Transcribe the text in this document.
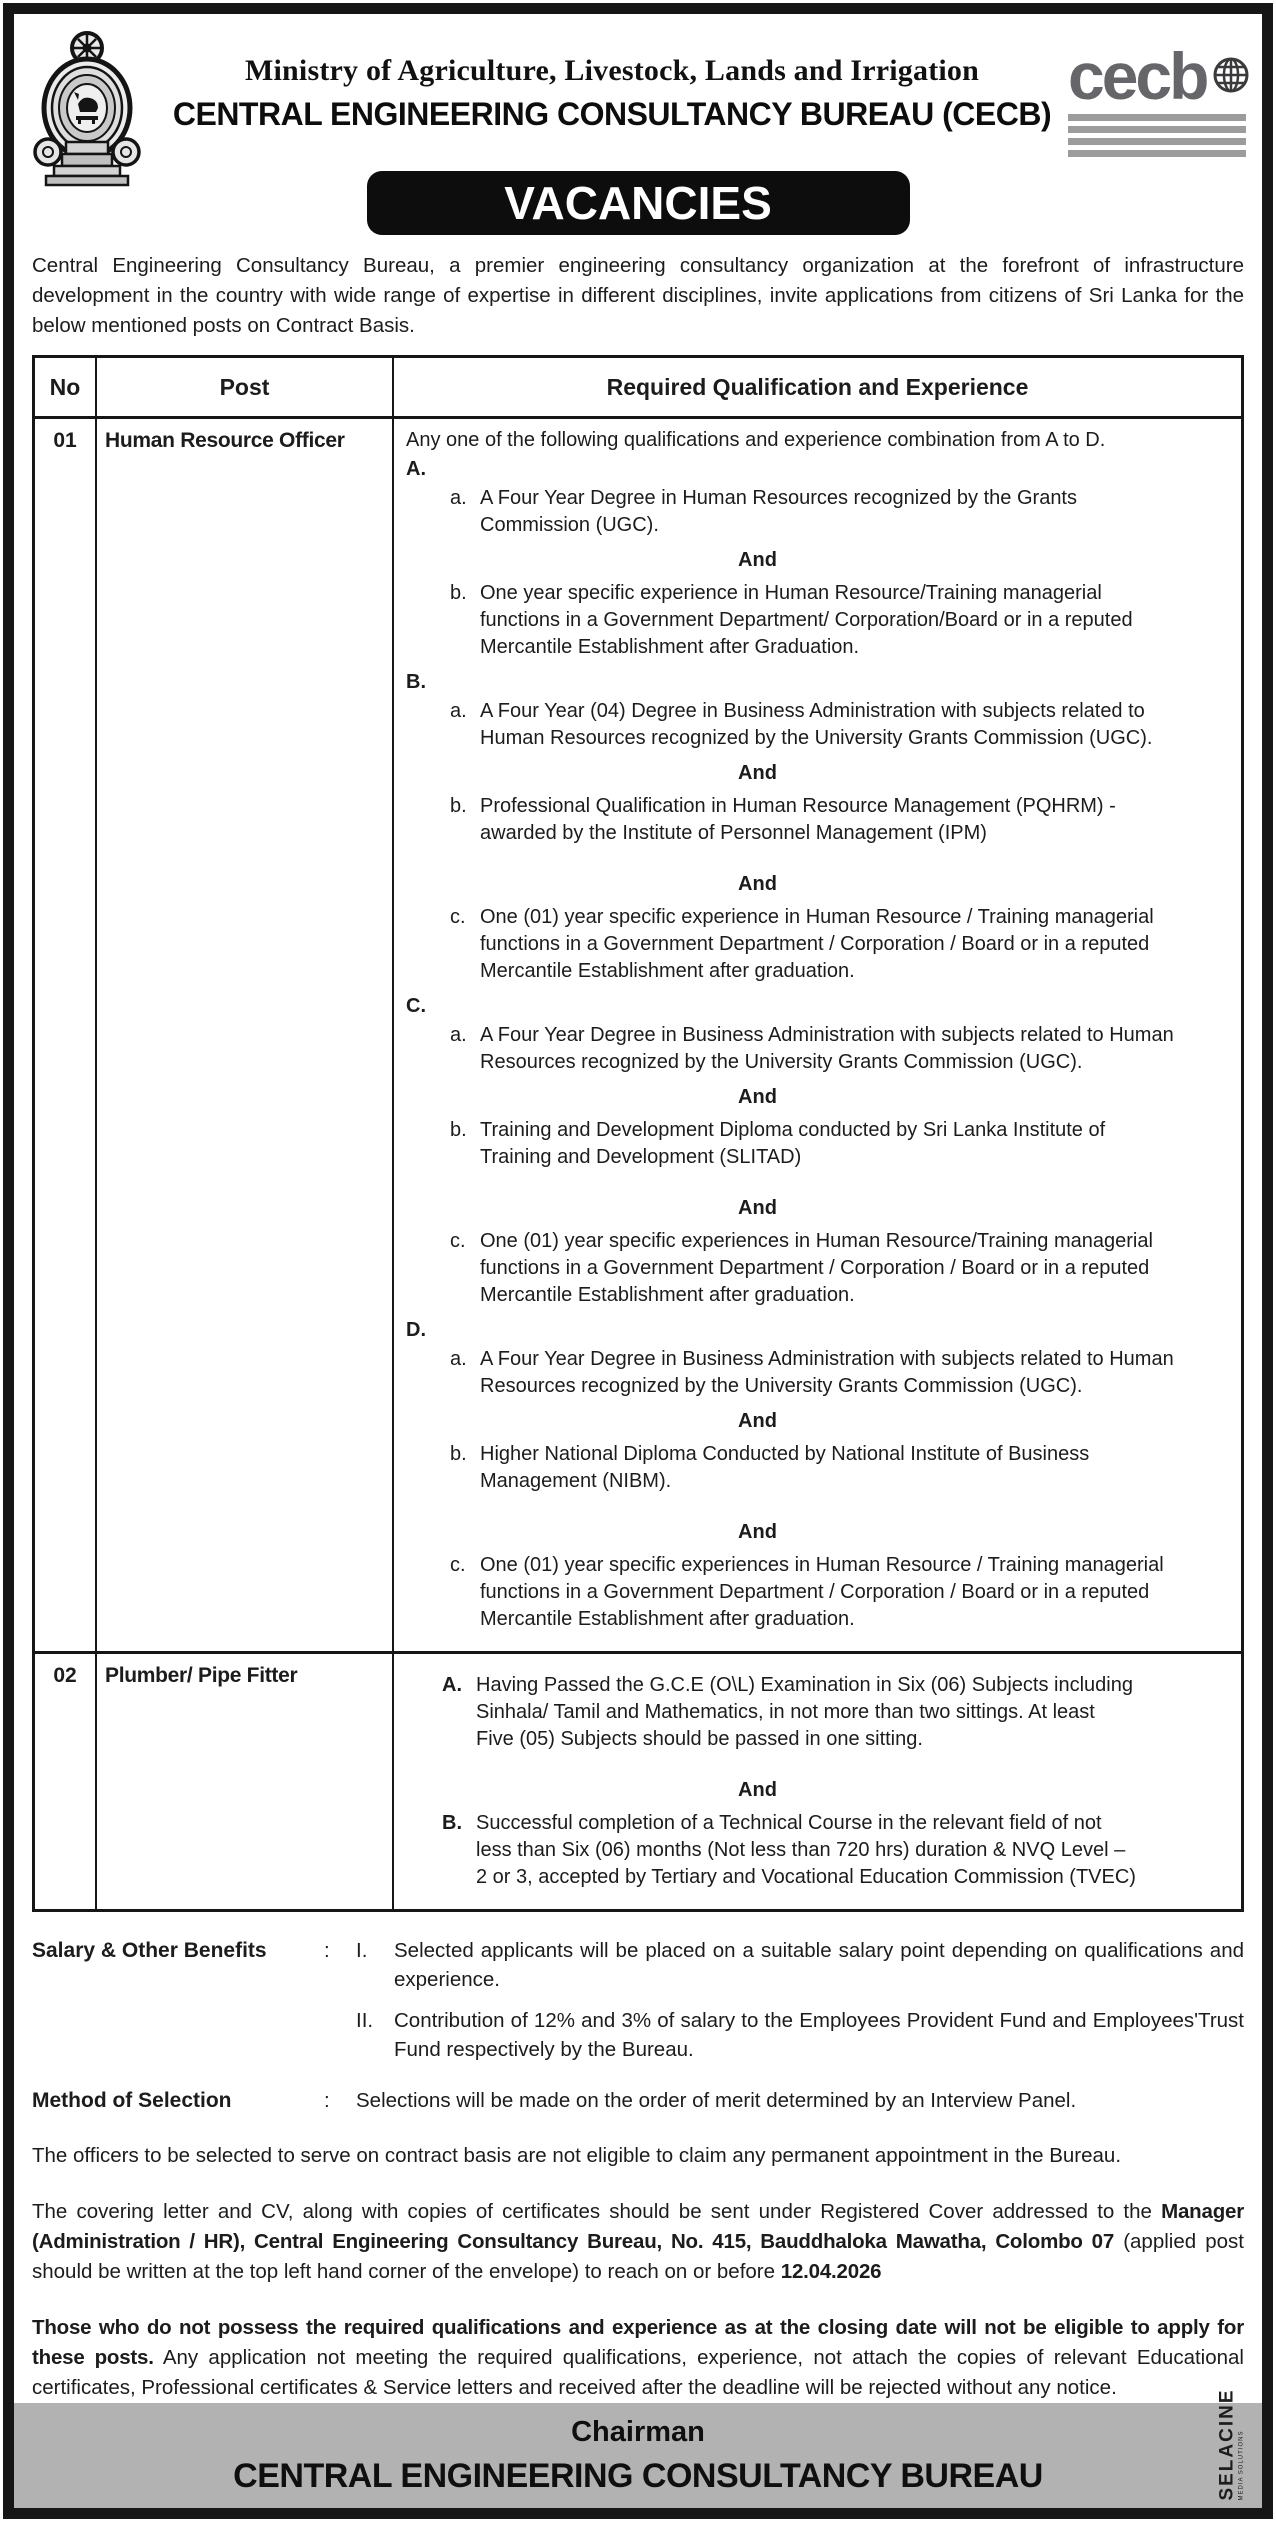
Ministry of Agriculture, Livestock, Lands and Irrigation
CENTRAL ENGINEERING CONSULTANCY BUREAU (CECB)
cecb
VACANCIES

Central Engineering Consultancy Bureau, a premier engineering consultancy organization at the forefront of infrastructure development in the country with wide range of expertise in different disciplines, invite applications from citizens of Sri Lanka for the below mentioned posts on Contract Basis.

No	Post	Required Qualification and Experience
01	Human Resource Officer	Any one of the following qualifications and experience combination from A to D.
A.
a. A Four Year Degree in Human Resources recognized by the Grants Commission (UGC).
And
b. One year specific experience in Human Resource/Training managerial functions in a Government Department/ Corporation/Board or in a reputed Mercantile Establishment after Graduation.
B.
a. A Four Year (04) Degree in Business Administration with subjects related to Human Resources recognized by the University Grants Commission (UGC).
And
b. Professional Qualification in Human Resource Management (PQHRM) -awarded by the Institute of Personnel Management (IPM)
And
c. One (01) year specific experience in Human Resource / Training managerial functions in a Government Department / Corporation / Board or in a reputed Mercantile Establishment after graduation.
C.
a. A Four Year Degree in Business Administration with subjects related to Human Resources recognized by the University Grants Commission (UGC).
And
b. Training and Development Diploma conducted by Sri Lanka Institute of Training and Development (SLITAD)
And
c. One (01) year specific experiences in Human Resource/Training managerial functions in a Government Department / Corporation / Board or in a reputed Mercantile Establishment after graduation.
D.
a. A Four Year Degree in Business Administration with subjects related to Human Resources recognized by the University Grants Commission (UGC).
And
b. Higher National Diploma Conducted by National Institute of Business Management (NIBM).
And
c. One (01) year specific experiences in Human Resource / Training managerial functions in a Government Department / Corporation / Board or in a reputed Mercantile Establishment after graduation.
02	Plumber/ Pipe Fitter	A. Having Passed the G.C.E (O\L) Examination in Six (06) Subjects including Sinhala/ Tamil and Mathematics, in not more than two sittings. At least Five (05) Subjects should be passed in one sitting.
And
B. Successful completion of a Technical Course in the relevant field of not less than Six (06) months (Not less than 720 hrs) duration & NVQ Level – 2 or 3, accepted by Tertiary and Vocational Education Commission (TVEC)
Salary & Other Benefits	:	I.	Selected applicants will be placed on a suitable salary point depending on qualifications and experience.
II.	Contribution of 12% and 3% of salary to the Employees Provident Fund and Employees'Trust Fund respectively by the Bureau.
Method of Selection	:	Selections will be made on the order of merit determined by an Interview Panel.

The officers to be selected to serve on contract basis are not eligible to claim any permanent appointment in the Bureau.

The covering letter and CV, along with copies of certificates should be sent under Registered Cover addressed to the Manager (Administration / HR), Central Engineering Consultancy Bureau, No. 415, Bauddhaloka Mawatha, Colombo 07 (applied post should be written at the top left hand corner of the envelope) to reach on or before 12.04.2026

Those who do not possess the required qualifications and experience as at the closing date will not be eligible to apply for these posts. Any application not meeting the required qualifications, experience, not attach the copies of relevant Educational certificates, Professional certificates & Service letters and received after the deadline will be rejected without any notice.

Chairman
CENTRAL ENGINEERING CONSULTANCY BUREAU	SELACINE MEDIA SOLUTIONS
